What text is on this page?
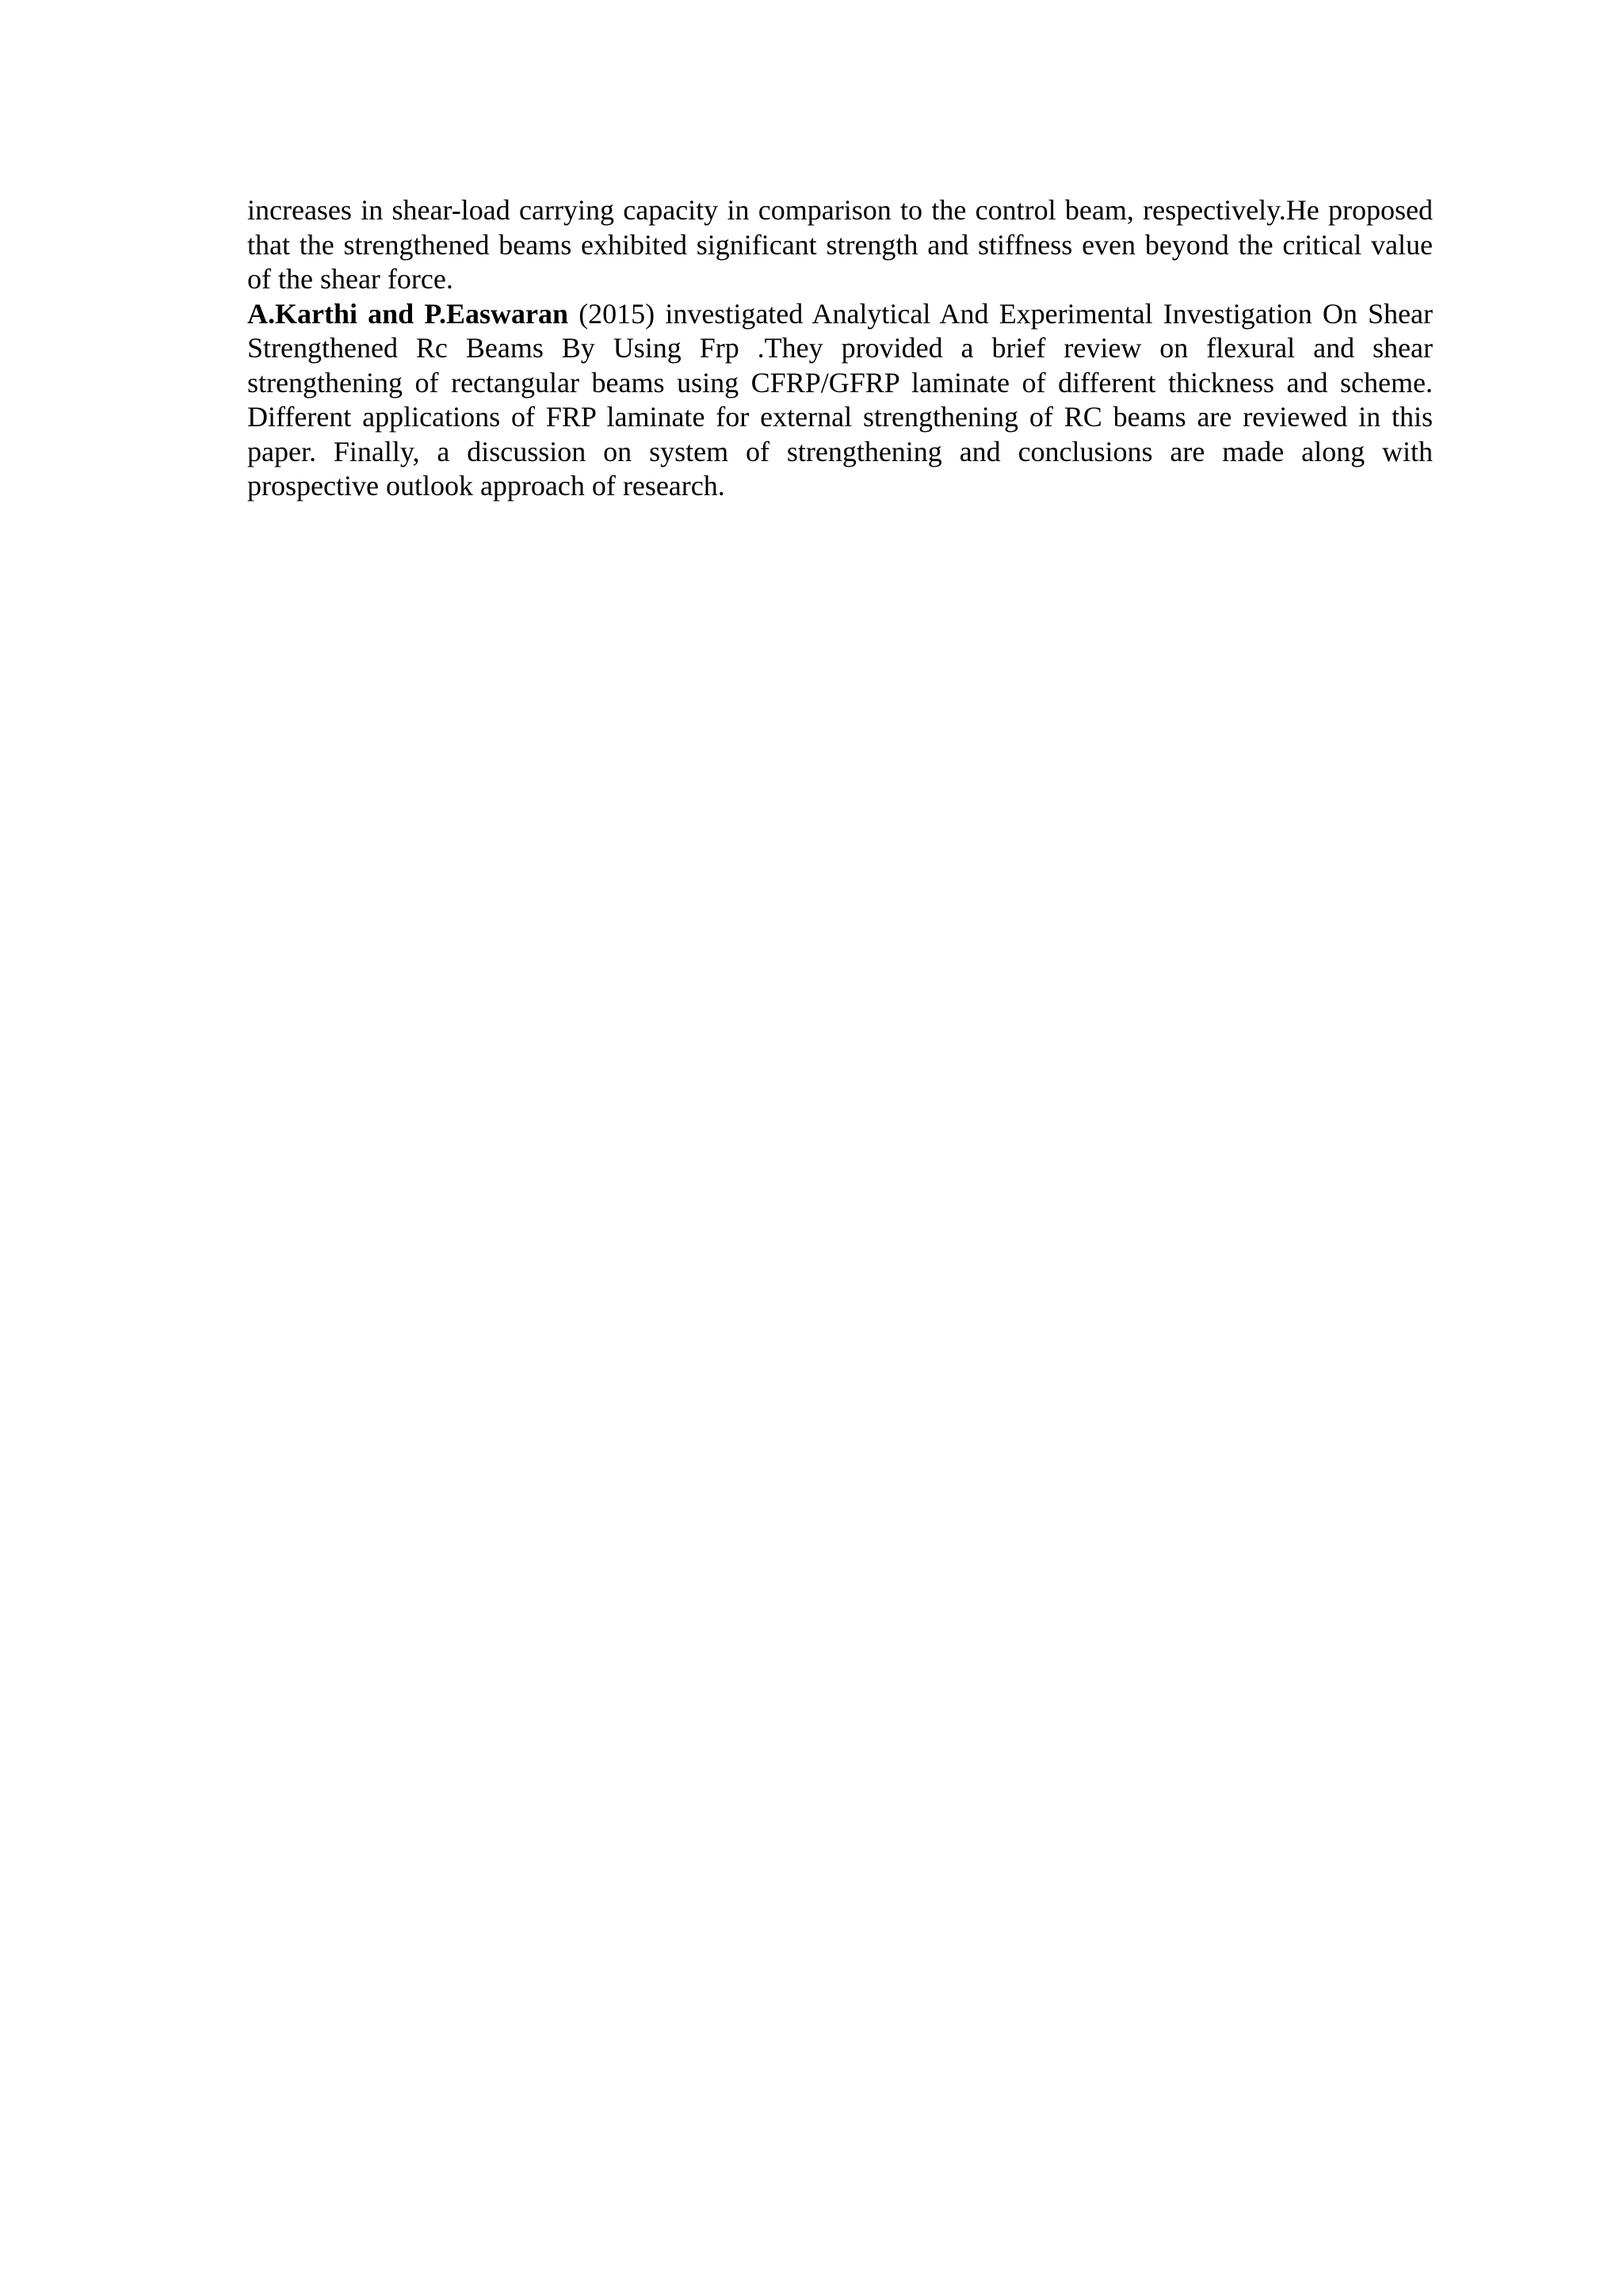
increases in shear-load carrying capacity in comparison to the control beam, respectively.He proposed that the strengthened beams exhibited significant strength and stiffness even beyond the critical value of the shear force.

A.Karthi and P.Easwaran (2015) investigated Analytical And Experimental Investigation On Shear Strengthened Rc Beams By Using Frp .They provided a brief review on flexural and shear strengthening of rectangular beams using CFRP/GFRP laminate of different thickness and scheme. Different applications of FRP laminate for external strengthening of RC beams are reviewed in this paper. Finally, a discussion on system of strengthening and conclusions are made along with prospective outlook approach of research.
